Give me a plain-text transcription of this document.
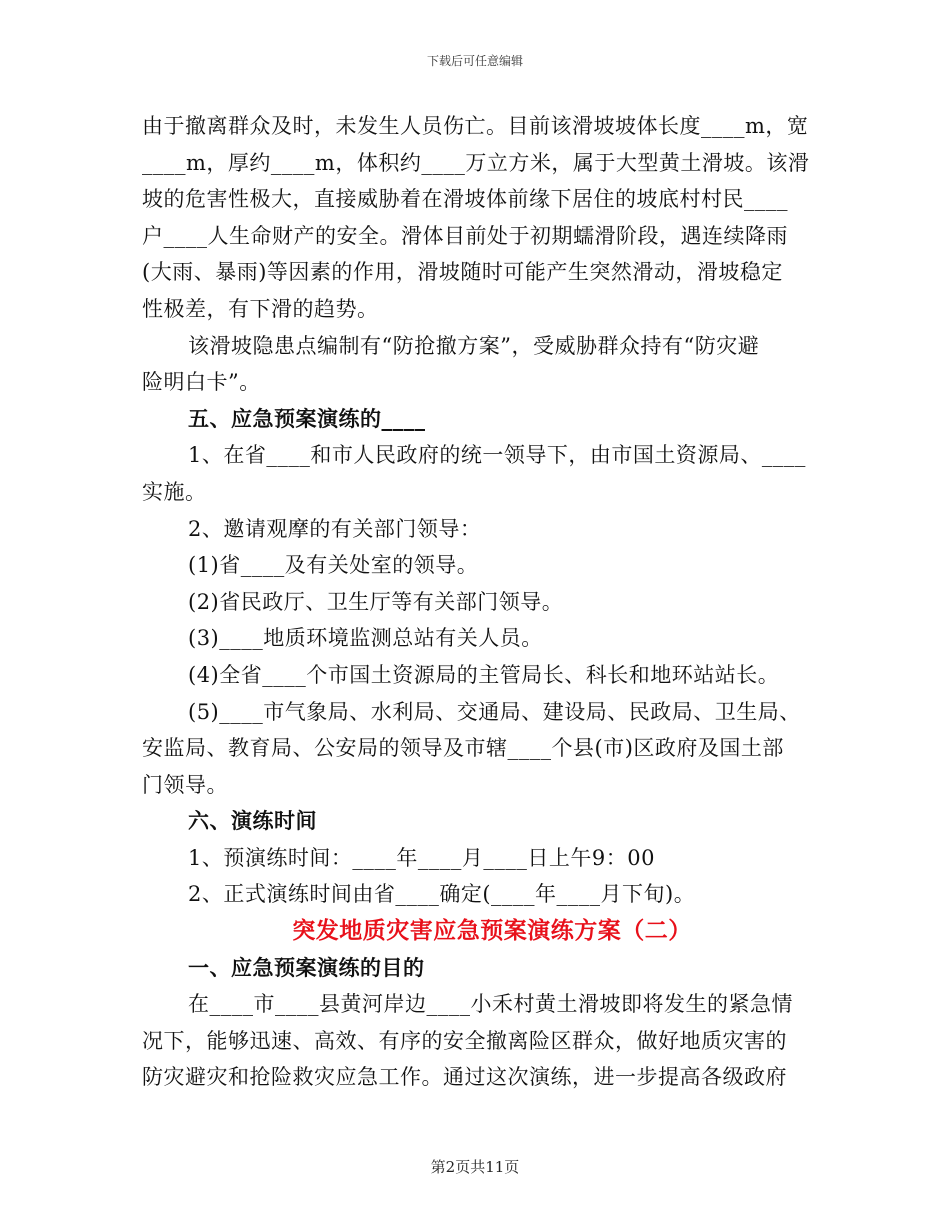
下载后可任意编辑
由于撤离群众及时，未发生人员伤亡。目前该滑坡坡体长度____m，宽
____m，厚约____m，体积约____万立方米，属于大型黄土滑坡。该滑
坡的危害性极大，直接威胁着在滑坡体前缘下居住的坡底村村民____
户____人生命财产的安全。滑体目前处于初期蠕滑阶段，遇连续降雨
(大雨、暴雨)等因素的作用，滑坡随时可能产生突然滑动，滑坡稳定
性极差，有下滑的趋势。
该滑坡隐患点编制有“防抢撤方案”，受威胁群众持有“防灾避
险明白卡”。
五、应急预案演练的____
1、在省____和市人民政府的统一领导下，由市国土资源局、____
实施。
2、邀请观摩的有关部门领导：
(1)省____及有关处室的领导。
(2)省民政厅、卫生厅等有关部门领导。
(3)____地质环境监测总站有关人员。
(4)全省____个市国土资源局的主管局长、科长和地环站站长。
(5)____市气象局、水利局、交通局、建设局、民政局、卫生局、
安监局、教育局、公安局的领导及市辖____个县(市)区政府及国土部
门领导。
六、演练时间
1、预演练时间：____年____月____日上午9：00
2、正式演练时间由省____确定(____年____月下旬)。
突发地质灾害应急预案演练方案（二）
一、应急预案演练的目的
在____市____县黄河岸边____小禾村黄土滑坡即将发生的紧急情
况下，能够迅速、高效、有序的安全撤离险区群众，做好地质灾害的
防灾避灾和抢险救灾应急工作。通过这次演练，进一步提高各级政府
第2页共11页
